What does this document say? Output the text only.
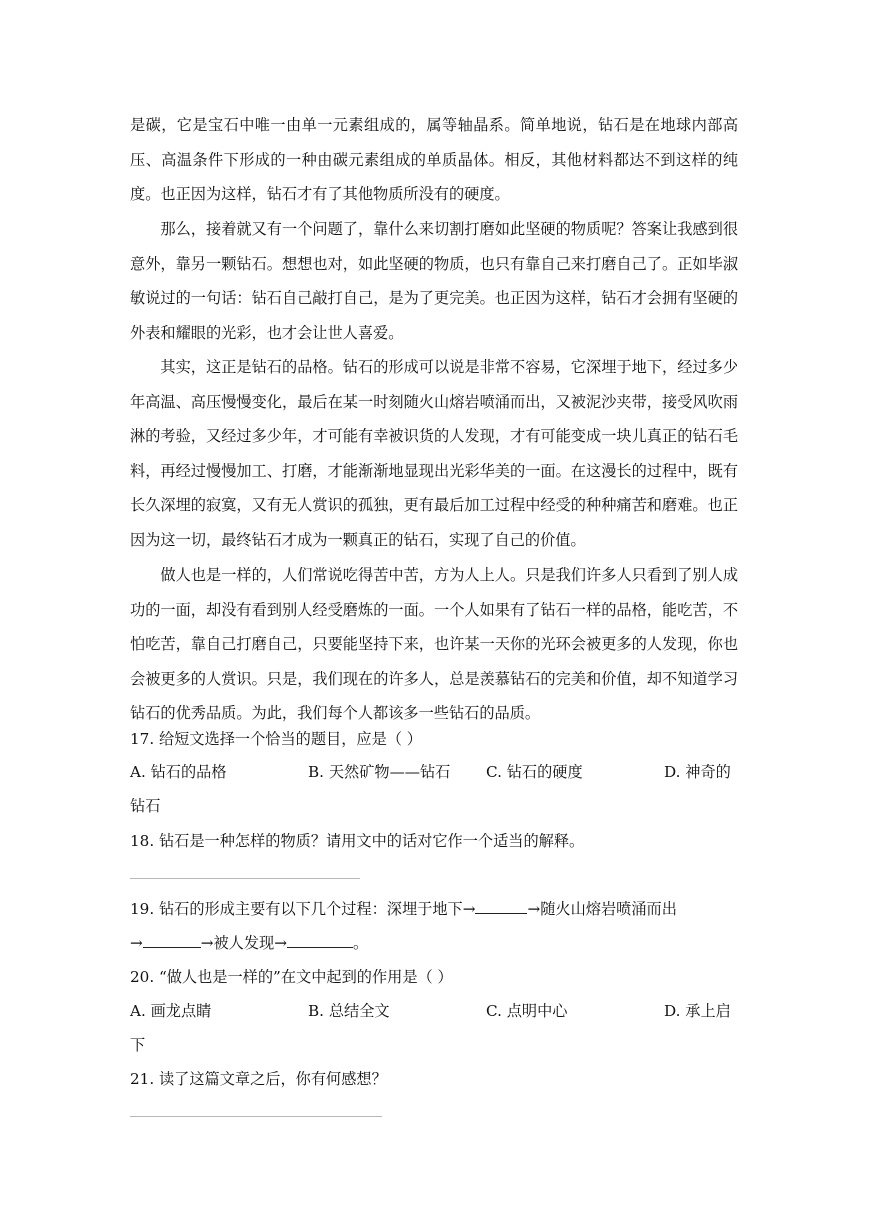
是碳，它是宝石中唯一由单一元素组成的，属等轴晶系。简单地说，钻石是在地球内部高压、高温条件下形成的一种由碳元素组成的单质晶体。相反，其他材料都达不到这样的纯度。也正因为这样，钻石才有了其他物质所没有的硬度。

那么，接着就又有一个问题了，靠什么来切割打磨如此坚硬的物质呢？答案让我感到很意外，靠另一颗钻石。想想也对，如此坚硬的物质，也只有靠自己来打磨自己了。正如毕淑敏说过的一句话：钻石自己敲打自己，是为了更完美。也正因为这样，钻石才会拥有坚硬的外表和耀眼的光彩，也才会让世人喜爱。

其实，这正是钻石的品格。钻石的形成可以说是非常不容易，它深埋于地下，经过多少年高温、高压慢慢变化，最后在某一时刻随火山熔岩喷涌而出，又被泥沙夹带，接受风吹雨淋的考验，又经过多少年，才可能有幸被识货的人发现，才有可能变成一块儿真正的钻石毛料，再经过慢慢加工、打磨，才能渐渐地显现出光彩华美的一面。在这漫长的过程中，既有长久深埋的寂寞，又有无人赏识的孤独，更有最后加工过程中经受的种种痛苦和磨难。也正因为这一切，最终钻石才成为一颗真正的钻石，实现了自己的价值。

做人也是一样的，人们常说吃得苦中苦，方为人上人。只是我们许多人只看到了别人成功的一面，却没有看到别人经受磨炼的一面。一个人如果有了钻石一样的品格，能吃苦，不怕吃苦，靠自己打磨自己，只要能坚持下来，也许某一天你的光环会被更多的人发现，你也会被更多的人赏识。只是，我们现在的许多人，总是羡慕钻石的完美和价值，却不知道学习钻石的优秀品质。为此，我们每个人都该多一些钻石的品质。

17. 给短文选择一个恰当的题目，应是（ ）
A. 钻石的品格	B. 天然矿物——钻石 C. 钻石的硬度	D. 神奇的
钻石
18. 钻石是一种怎样的物质？请用文中的话对它作一个适当的解释。
19. 钻石的形成主要有以下几个过程：深埋于地下→	→随火山熔岩喷涌而出
→	→被人发现→	。
20. “做人也是一样的”在文中起到的作用是（ ）
A. 画龙点睛	B. 总结全文	C. 点明中心	D. 承上启
下
21. 读了这篇文章之后，你有何感想？
